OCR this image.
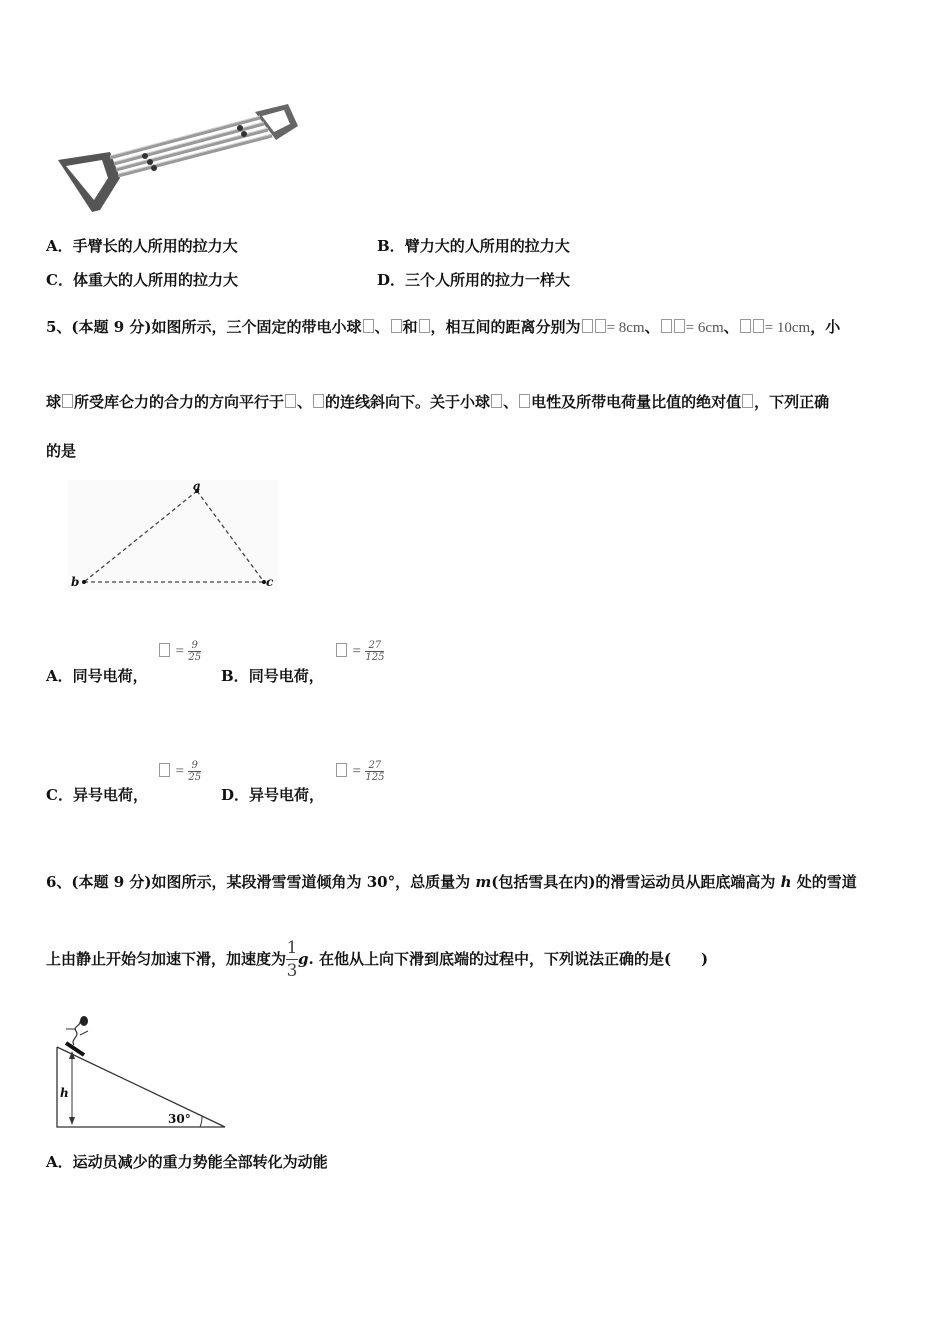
A．手臂长的人所用的拉力大	B．臂力大的人所用的拉力大
C．体重大的人所用的拉力大	D．三个人所用的拉力一样大
5、(本题 9 分)如图所示，三个固定的带电小球 、 和 ，相互间的距离分别为 = 8cm、 = 6cm、 = 10cm，小
球 所受库仑力的合力的方向平行于 、 的连线斜向下。关于小球 、 电性及所带电荷量比值的绝对值 ，下列正确
的是
a
b	c
= $\frac{9}{25}$
A．同号电荷，
= $\frac{27}{125}$
B．同号电荷，
= $\frac{9}{25}$
C．异号电荷，
= $\frac{27}{125}$
D．异号电荷，
6、(本题 9 分)如图所示，某段滑雪雪道倾角为 30°，总质量为 m(包括雪具在内)的滑雪运动员从距底端高为 h 处的雪道
上由静止开始匀加速下滑，加速度为
1
3
g . 在他从上向下滑到底端的过程中，下列说法正确的是(　　)
h
30°
A．运动员减少的重力势能全部转化为动能
